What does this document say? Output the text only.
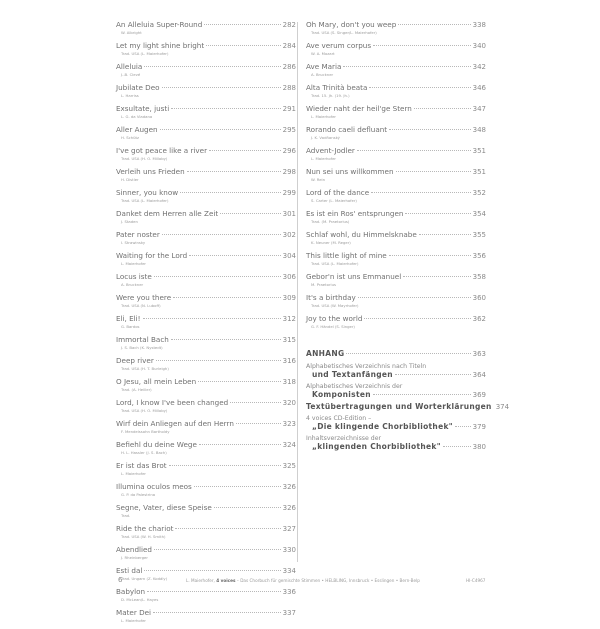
An Alleluia Super-Round	282
W. Albright
Let my light shine bright	284
Trad. USA (L. Maierhofer)
Alleluia	286
J.-B. Clevé
Jubilate Deo	288
L. Harriss
Exsultate, justi	291
L. G. da Viadana
Aller Augen	295
H. Schütz
I've got peace like a river	296
Trad. USA (H. O. Milloby)
Verleih uns Frieden	298
H. Distler
Sinner, you know	299
Trad. USA (L. Maierhofer)
Danket dem Herren alle Zeit	301
J. Staden
Pater noster	302
I. Strawinsky
Waiting for the Lord	304
L. Maierhofer
Locus iste	306
A. Bruckner
Were you there	309
Trad. USA (N. Luboff)
Eli, Eli!	312
G. Bardos
Immortal Bach	315
J. S. Bach (K. Nystedt)
Deep river	316
Trad. USA (H. T. Burleigh)
O Jesu, all mein Leben	318
Trad. (A. Heiller)
Lord, I know I've been changed	320
Trad. USA (H. O. Milloby)
Wirf dein Anliegen auf den Herrn	323
F. Mendelssohn Bartholdy
Befiehl du deine Wege	324
H. L. Hassler (J. S. Bach)
Er ist das Brot	325
L. Maierhofer
Illumina oculos meos	326
G. P. da Palestrina
Segne, Vater, diese Speise	326
Trad.
Ride the chariot	327
Trad. USA (W. H. Smith)
Abendlied	330
J. Rheinberger
Esti dal	334
Trad. Ungarn (Z. Kodály)
Babylon	336
D. McLean/L. Hayes
Mater Dei	337
L. Maierhofer
Oh Mary, don't you weep	338
Trad. USA (S. Singer/L. Maierhofer)
Ave verum corpus	340
W. A. Mozart
Ave Maria	342
A. Bruckner
Alta Trinità beata	346
Trad. 15. Jh. (19. Jh.)
Wieder naht der heil'ge Stern	347
L. Maierhofer
Rorando caeli defluant	348
J. K. Vodňanský
Advent-Jodler	351
L. Maierhofer
Nun sei uns willkommen	351
W. Rein
Lord of the dance	352
S. Carter (L. Maierhofer)
Es ist ein Ros' entsprungen	354
Trad. (M. Praetorius)
Schlaf wohl, du Himmelsknabe	355
K. Neuner (M. Reger)
This little light of mine	356
Trad. USA (L. Maierhofer)
Gebor'n ist uns Emmanuel	358
M. Praetorius
It's a birthday	360
Trad. USA (W. Mayrhofer)
Joy to the world	362
G. F. Händel (S. Singer)
ANHANG	363
Alphabetisches Verzeichnis nach Titeln
und Textanfängen	364
Alphabetisches Verzeichnis der
Komponisten	369
Textübertragungen und Worterklärungen 374
4 voices CD-Edition –
„Die klingende Chorbibliothek"	379
Inhaltsverzeichnisse der
„klingenden Chorbibliothek"	380
6	L. Maierhofer, 4 voices – Das Chorbuch für gemischte Stimmen • HELBLING, Innsbruck • Esslingen • Bern-Belp	HI-C4967
